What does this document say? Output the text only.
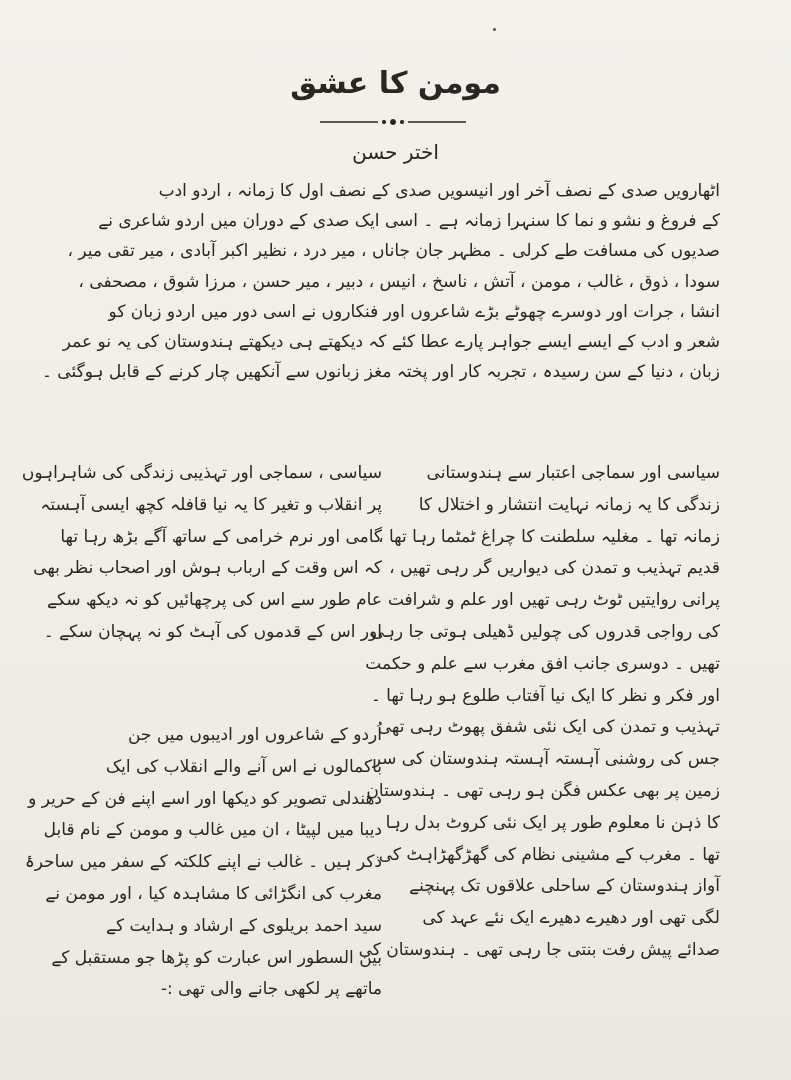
مومن کا عشق
اختر حسن
اٹھارویں صدی کے نصف آخر اور انیسویں صدی کے نصف اول کا زمانہ ، اردو ادب
کے فروغ و نشو و نما کا سنہرا زمانہ ہے ۔ اسی ایک صدی کے دوران میں اردو شاعری نے
صدیوں کی مسافت طے کرلی ۔ مظہر جان جاناں ، میر درد ، نظیر اکبر آبادی ، میر تقی میر ،
سودا ، ذوق ، غالب ، مومن ، آتش ، ناسخ ، انیس ، دبیر ، میر حسن ، مرزا شوق ، مصحفی ،
انشا ، جرات اور دوسرے چھوٹے بڑے شاعروں اور فنکاروں نے اسی دور میں اردو زبان کو
شعر و ادب کے ایسے ایسے جواہر پارے عطا کئے کہ دیکھتے ہی دیکھتے ہندوستان کی یہ نو عمر
زبان ، دنیا کے سن رسیدہ ، تجربہ کار اور پختہ مغز زبانوں سے آنکھیں چار کرنے کے قابل ہوگئی ۔
سیاسی اور سماجی اعتبار سے ہندوستانی
زندگی کا یہ زمانہ نہایت انتشار و اختلال کا
زمانہ تھا ۔ مغلیہ سلطنت کا چراغ ٹمٹما رہا تھا ،
قدیم تہذیب و تمدن کی دیواریں گر رہی تھیں ،
پرانی روایتیں ٹوٹ رہی تھیں اور علم و شرافت
کی رواجی قدروں کی چولیں ڈھیلی ہوتی جا رہی
تھیں ۔ دوسری جانب افق مغرب سے علم و حکمت
اور فکر و نظر کا ایک نیا آفتاب طلوع ہو رہا تھا ۔
تہذیب و تمدن کی ایک نئی شفق پھوٹ رہی تھی
جس کی روشنی آہستہ آہستہ ہندوستان کی سر
زمین پر بھی عکس فگن ہو رہی تھی ۔ ہندوستان
کا ذہن نا معلوم طور پر ایک نئی کروٹ بدل رہا
تھا ۔ مغرب کے مشینی نظام کی گھڑگھڑاہٹ کی
آواز ہندوستان کے ساحلی علاقوں تک پہنچنے
لگی تھی اور دھیرے دھیرے ایک نئے عہد کی
صدائے پیش رفت بنتی جا رہی تھی ۔ ہندوستان کی
سیاسی ، سماجی اور تہذیبی زندگی کی شاہراہوں
پر انقلاب و تغیر کا یہ نیا قافلہ کچھ ایسی آہستہ
گامی اور نرم خرامی کے ساتھ آگے بڑھ رہا تھا
کہ اس وقت کے ارباب ہوش اور اصحاب نظر بھی
عام طور سے اس کی پرچھائیں کو نہ دیکھ سکے
اور اس کے قدموں کی آہٹ کو نہ پہچان سکے ۔
اُردو کے شاعروں اور ادیبوں میں جن
باکمالوں نے اس آنے والے انقلاب کی ایک
دھندلی تصویر کو دیکھا اور اسے اپنے فن کے حریر و
دیبا میں لپیٹا ، ان میں غالب و مومن کے نام قابل
ذکر ہیں ۔ غالب نے اپنے کلکتہ کے سفر میں ساحرۂ
مغرب کی انگڑائی کا مشاہدہ کیا ، اور مومن نے
سید احمد بریلوی کے ارشاد و ہدایت کے
بین السطور اس عبارت کو پڑھا جو مستقبل کے
ماتھے پر لکھی جانے والی تھی :-
